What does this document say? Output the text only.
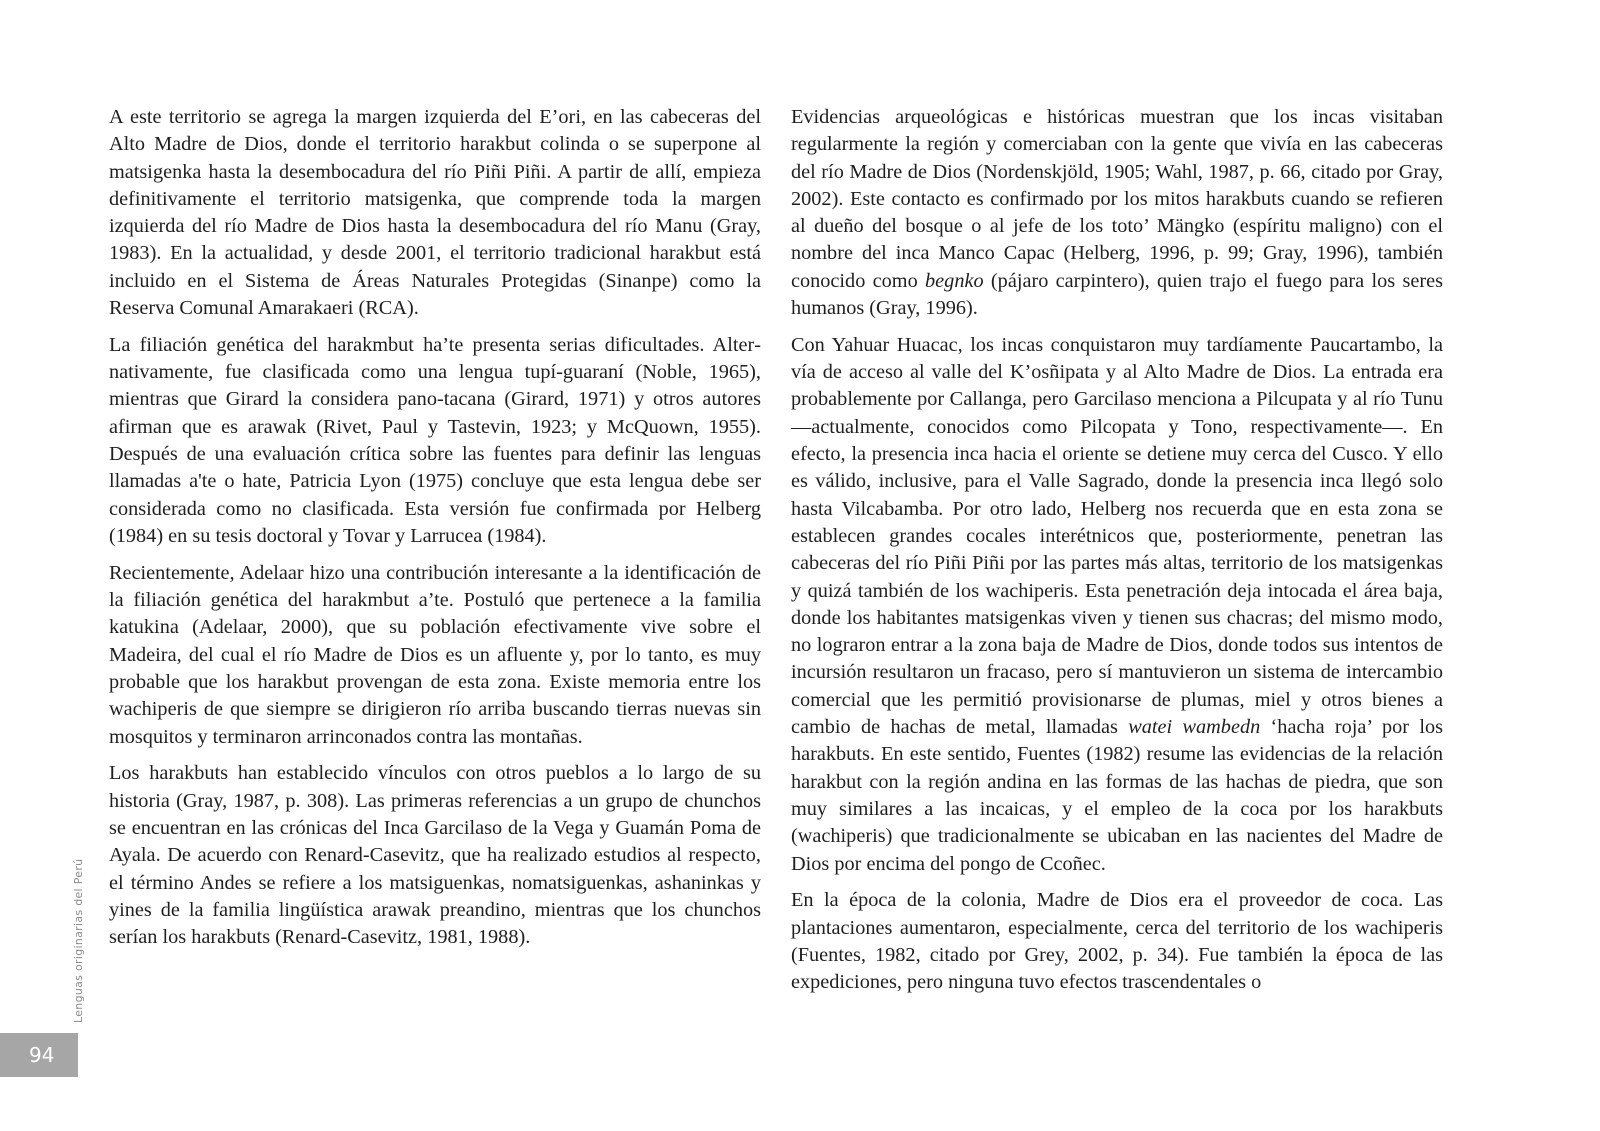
A este territorio se agrega la margen izquierda del E’ori, en las cabeceras del Alto Madre de Dios, donde el territorio harakbut colinda o se superpone al matsigenka hasta la desembocadura del río Piñi Piñi. A partir de allí, empieza definitivamente el territorio matsigenka, que comprende toda la margen izquierda del río Madre de Dios hasta la desembocadura del río Manu (Gray, 1983). En la actualidad, y desde 2001, el territorio tradicional harakbut está incluido en el Sistema de Áreas Naturales Protegidas (Sinanpe) como la Reserva Comunal Amarakaeri (RCA).

La filiación genética del harakmbut ha’te presenta serias dificultades. Alternativamente, fue clasificada como una lengua tupí-guaraní (Noble, 1965), mientras que Girard la considera pano-tacana (Girard, 1971) y otros autores afirman que es arawak (Rivet, Paul y Tastevin, 1923; y McQuown, 1955). Después de una evaluación crítica sobre las fuentes para definir las lenguas llamadas a'te o hate, Patricia Lyon (1975) concluye que esta lengua debe ser considerada como no clasificada. Esta versión fue confirmada por Helberg (1984) en su tesis doctoral y Tovar y Larrucea (1984).

Recientemente, Adelaar hizo una contribución interesante a la identificación de la filiación genética del harakmbut a’te. Postuló que pertenece a la familia katukina (Adelaar, 2000), que su población efectivamente vive sobre el Madeira, del cual el río Madre de Dios es un afluente y, por lo tanto, es muy probable que los harakbut provengan de esta zona. Existe memoria entre los wachiperis de que siempre se dirigieron río arriba buscando tierras nuevas sin mosquitos y terminaron arrinconados contra las montañas.

Los harakbuts han establecido vínculos con otros pueblos a lo largo de su historia (Gray, 1987, p. 308). Las primeras referencias a un grupo de chunchos se encuentran en las crónicas del Inca Garcilaso de la Vega y Guamán Poma de Ayala. De acuerdo con Renard-Casevitz, que ha realizado estudios al respecto, el término Andes se refiere a los matsiguenkas, nomatsiguenkas, ashaninkas y yines de la familia lingüística arawak preandino, mientras que los chunchos serían los harakbuts (Renard-Casevitz, 1981, 1988).

Evidencias arqueológicas e históricas muestran que los incas visitaban regularmente la región y comerciaban con la gente que vivía en las cabeceras del río Madre de Dios (Nordenskjöld, 1905; Wahl, 1987, p. 66, citado por Gray, 2002). Este contacto es confirmado por los mitos harakbuts cuando se refieren al dueño del bosque o al jefe de los toto’ Mängko (espíritu maligno) con el nombre del inca Manco Capac (Helberg, 1996, p. 99; Gray, 1996), también conocido como begnko (pájaro carpintero), quien trajo el fuego para los seres humanos (Gray, 1996).

Con Yahuar Huacac, los incas conquistaron muy tardíamente Paucartambo, la vía de acceso al valle del K’osñipata y al Alto Madre de Dios. La entrada era probablemente por Callanga, pero Garcilaso menciona a Pilcupata y al río Tunu —actualmente, conocidos como Pilcopata y Tono, respectivamente—. En efecto, la presencia inca hacia el oriente se detiene muy cerca del Cusco. Y ello es válido, inclusive, para el Valle Sagrado, donde la presencia inca llegó solo hasta Vilcabamba. Por otro lado, Helberg nos recuerda que en esta zona se establecen grandes cocales interétnicos que, posteriormente, penetran las cabeceras del río Piñi Piñi por las partes más altas, territorio de los matsigenkas y quizá también de los wachiperis. Esta penetración deja intocada el área baja, donde los habitantes matsigenkas viven y tienen sus chacras; del mismo modo, no lograron entrar a la zona baja de Madre de Dios, donde todos sus intentos de incursión resultaron un fracaso, pero sí mantuvieron un sistema de intercambio comercial que les permitió provisionarse de plumas, miel y otros bienes a cambio de hachas de metal, llamadas watei wambedn ‘hacha roja’ por los harakbuts. En este sentido, Fuentes (1982) resume las evidencias de la relación harakbut con la región andina en las formas de las hachas de piedra, que son muy similares a las incaicas, y el empleo de la coca por los harakbuts (wachiperis) que tradicionalmente se ubicaban en las nacientes del Madre de Dios por encima del pongo de Ccoñec.

En la época de la colonia, Madre de Dios era el proveedor de coca. Las plantaciones aumentaron, especialmente, cerca del territorio de los wachiperis (Fuentes, 1982, citado por Grey, 2002, p. 34). Fue también la época de las expediciones, pero ninguna tuvo efectos trascendentales o

Lenguas originarias del Perú
94
